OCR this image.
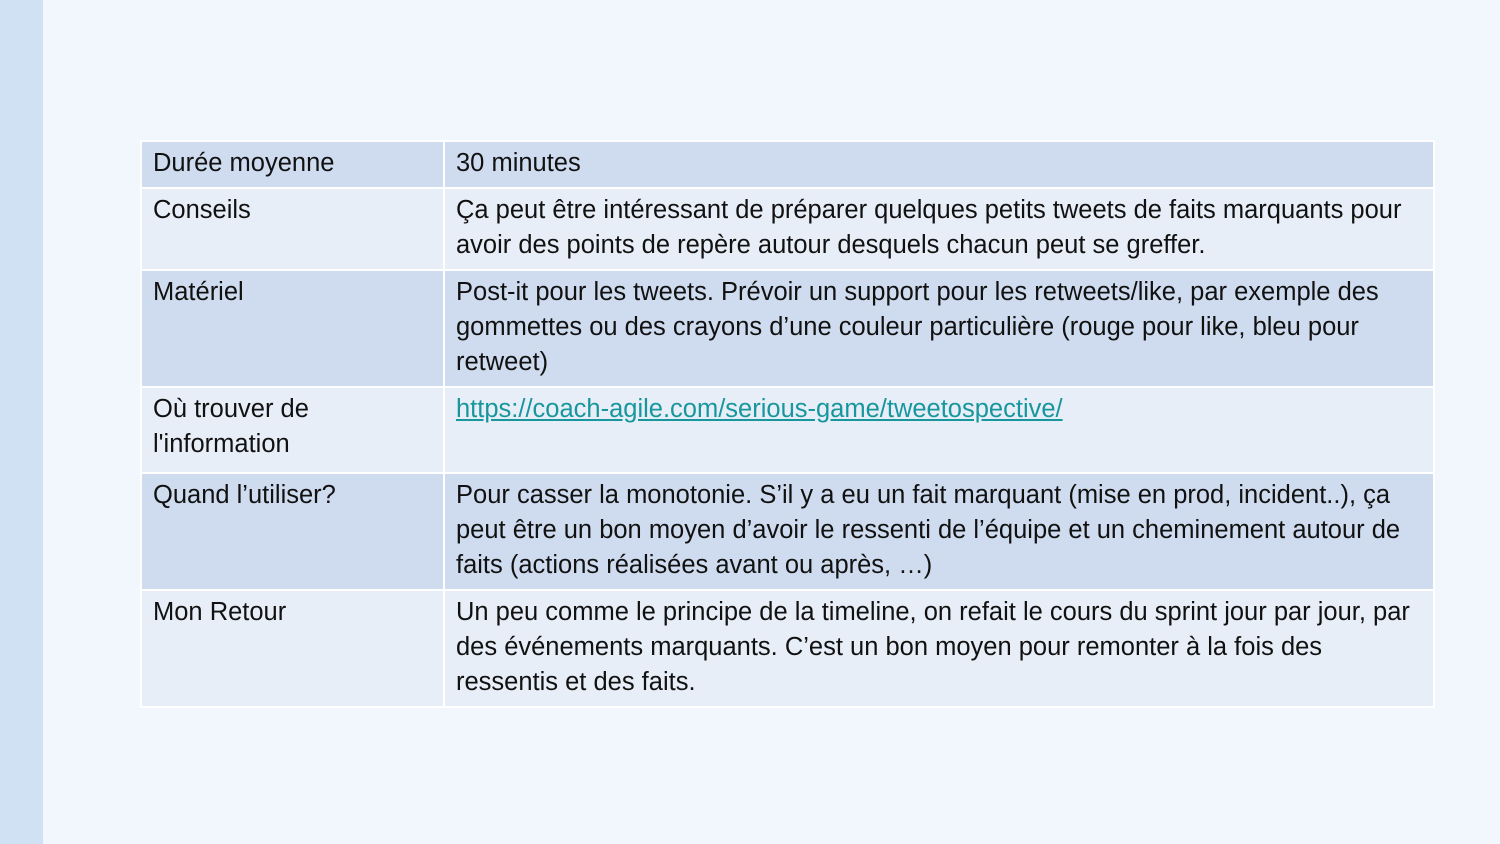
Durée moyenne	30 minutes
Conseils	Ça peut être intéressant de préparer quelques petits tweets de faits marquants pour avoir des points de repère autour desquels chacun peut se greffer.
Matériel	Post-it pour les tweets. Prévoir un support pour les retweets/like, par exemple des gommettes ou des crayons d’une couleur particulière (rouge pour like, bleu pour retweet)
Où trouver de l'information	https://coach-agile.com/serious-game/tweetospective/
Quand l’utiliser?	Pour casser la monotonie. S’il y a eu un fait marquant (mise en prod, incident..), ça peut être un bon moyen d’avoir le ressenti de l’équipe et un cheminement autour de faits (actions réalisées avant ou après, …)
Mon Retour	Un peu comme le principe de la timeline, on refait le cours du sprint jour par jour, par des événements marquants. C’est un bon moyen pour remonter à la fois des ressentis et des faits.
